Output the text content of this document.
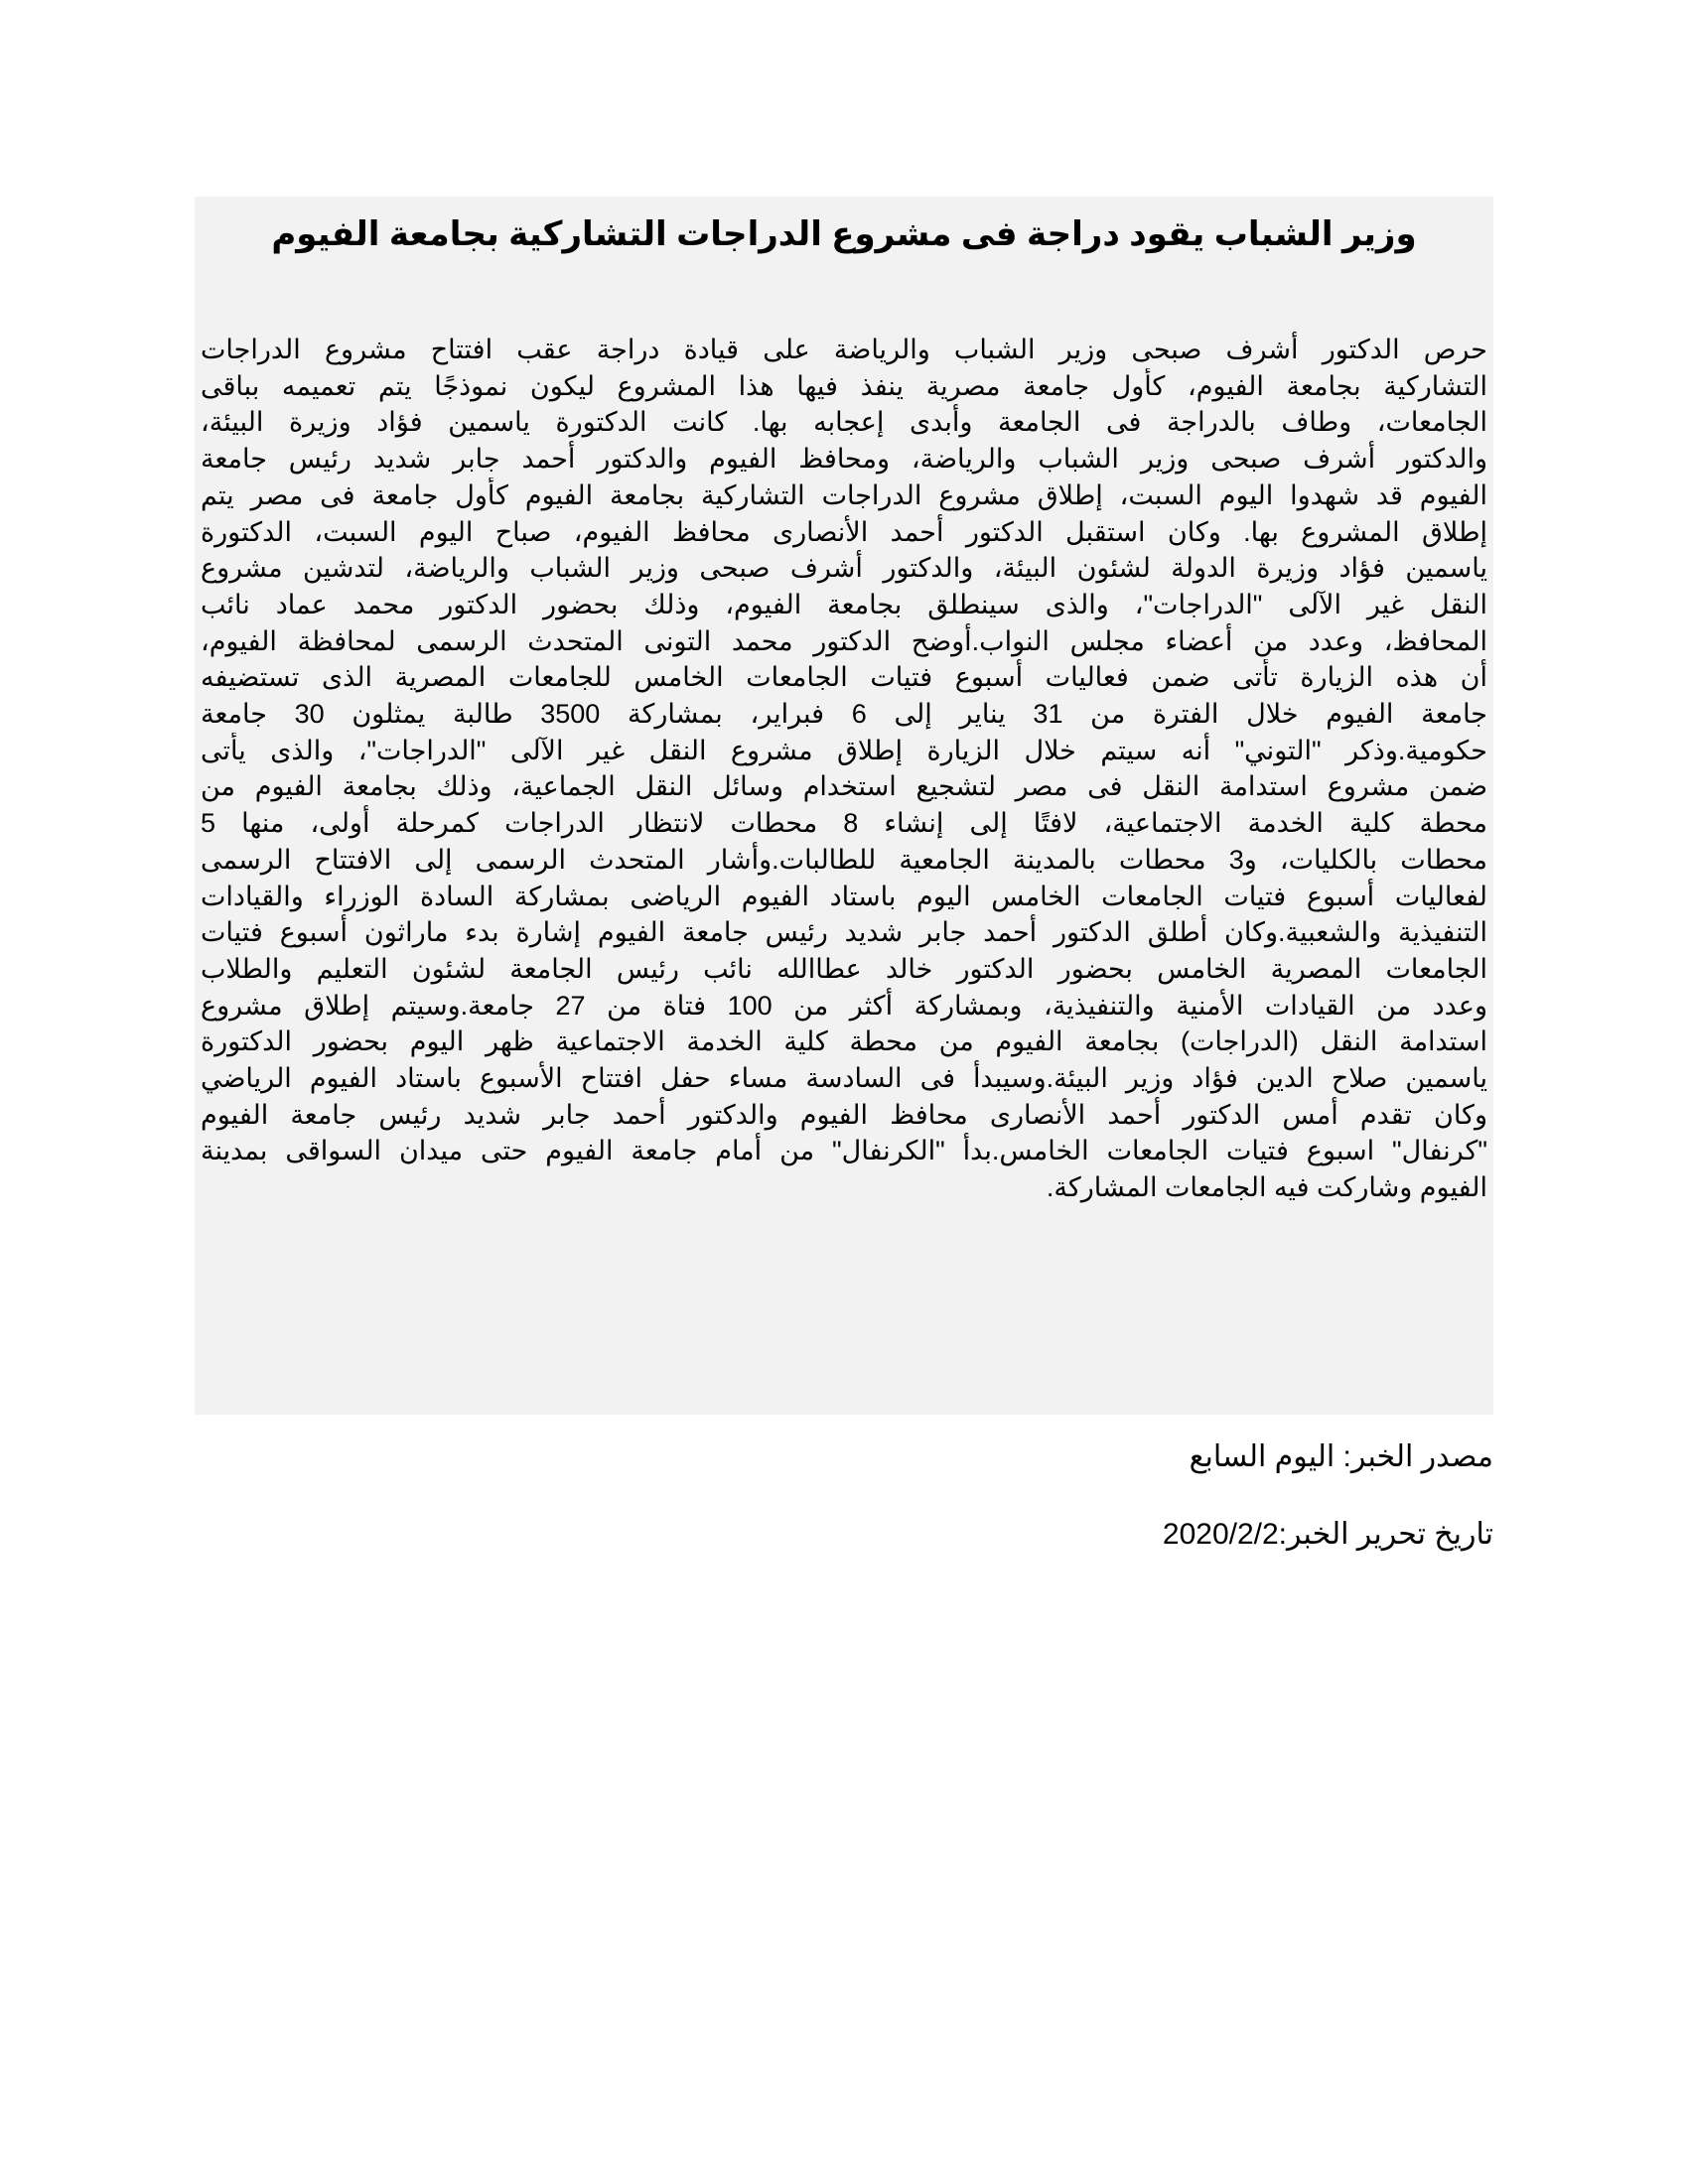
وزير الشباب يقود دراجة فى مشروع الدراجات التشاركية بجامعة الفيوم
حرص الدكتور أشرف صبحى وزير الشباب والرياضة على قيادة دراجة عقب افتتاح مشروع الدراجات
التشاركية بجامعة الفيوم، كأول جامعة مصرية ينفذ فيها هذا المشروع ليكون نموذجًا يتم تعميمه بباقى
الجامعات، وطاف بالدراجة فى الجامعة وأبدى إعجابه بها. كانت الدكتورة ياسمين فؤاد وزيرة البيئة،
والدكتور أشرف صبحى وزير الشباب والرياضة، ومحافظ الفيوم والدكتور أحمد جابر شديد رئيس جامعة
الفيوم قد شهدوا اليوم السبت، إطلاق مشروع الدراجات التشاركية بجامعة الفيوم كأول جامعة فى مصر يتم
إطلاق المشروع بها. وكان استقبل الدكتور أحمد الأنصارى محافظ الفيوم، صباح اليوم السبت، الدكتورة
ياسمين فؤاد وزيرة الدولة لشئون البيئة، والدكتور أشرف صبحى وزير الشباب والرياضة، لتدشين مشروع
النقل غير الآلى "الدراجات"، والذى سينطلق بجامعة الفيوم، وذلك بحضور الدكتور محمد عماد نائب
المحافظ، وعدد من أعضاء مجلس النواب.أوضح الدكتور محمد التونى المتحدث الرسمى لمحافظة الفيوم،
أن هذه الزيارة تأتى ضمن فعاليات أسبوع فتيات الجامعات الخامس للجامعات المصرية الذى تستضيفه
جامعة الفيوم خلال الفترة من 31 يناير إلى 6 فبراير، بمشاركة 3500 طالبة يمثلون 30 جامعة
حكومية.وذكر "التوني" أنه سيتم خلال الزيارة إطلاق مشروع النقل غير الآلى "الدراجات"، والذى يأتى
ضمن مشروع استدامة النقل فى مصر لتشجيع استخدام وسائل النقل الجماعية، وذلك بجامعة الفيوم من
محطة كلية الخدمة الاجتماعية، لافتًا إلى إنشاء 8 محطات لانتظار الدراجات كمرحلة أولى، منها 5
محطات بالكليات، و3 محطات بالمدينة الجامعية للطالبات.وأشار المتحدث الرسمى إلى الافتتاح الرسمى
لفعاليات أسبوع فتيات الجامعات الخامس اليوم باستاد الفيوم الرياضى بمشاركة السادة الوزراء والقيادات
التنفيذية والشعبية.وكان أطلق الدكتور أحمد جابر شديد رئيس جامعة الفيوم إشارة بدء ماراثون أسبوع فتيات
الجامعات المصرية الخامس بحضور الدكتور خالد عطاالله نائب رئيس الجامعة لشئون التعليم والطلاب
وعدد من القيادات الأمنية والتنفيذية، وبمشاركة أكثر من 100 فتاة من 27 جامعة.وسيتم إطلاق مشروع
استدامة النقل (الدراجات) بجامعة الفيوم من محطة كلية الخدمة الاجتماعية ظهر اليوم بحضور الدكتورة
ياسمين صلاح الدين فؤاد وزير البيئة.وسيبدأ فى السادسة مساء حفل افتتاح الأسبوع باستاد الفيوم الرياضي
وكان تقدم أمس الدكتور أحمد الأنصارى محافظ الفيوم والدكتور أحمد جابر شديد رئيس جامعة الفيوم
"كرنفال" اسبوع فتيات الجامعات الخامس.بدأ "الكرنفال" من أمام جامعة الفيوم حتى ميدان السواقى بمدينة
الفيوم وشاركت فيه الجامعات المشاركة.
مصدر الخبر: اليوم السابع
تاريخ تحرير الخبر:2020/2/2
